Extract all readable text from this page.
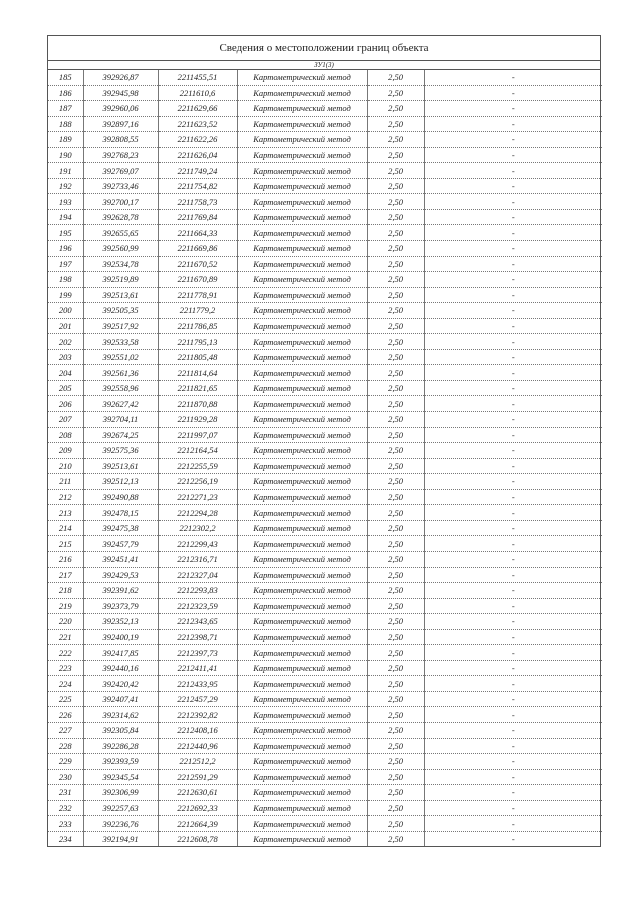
Сведения о местоположении границ объекта
ЗУ1(3)
185	392926,87	2211455,51	Картометрический метод	2,50	-
186	392945,98	2211610,6	Картометрический метод	2,50	-
187	392960,06	2211629,66	Картометрический метод	2,50	-
188	392897,16	2211623,52	Картометрический метод	2,50	-
189	392808,55	2211622,26	Картометрический метод	2,50	-
190	392768,23	2211626,04	Картометрический метод	2,50	-
191	392769,07	2211749,24	Картометрический метод	2,50	-
192	392733,46	2211754,82	Картометрический метод	2,50	-
193	392700,17	2211758,73	Картометрический метод	2,50	-
194	392628,78	2211769,84	Картометрический метод	2,50	-
195	392655,65	2211664,33	Картометрический метод	2,50	-
196	392560,99	2211669,86	Картометрический метод	2,50	-
197	392534,78	2211670,52	Картометрический метод	2,50	-
198	392519,89	2211670,89	Картометрический метод	2,50	-
199	392513,61	2211778,91	Картометрический метод	2,50	-
200	392505,35	2211779,2	Картометрический метод	2,50	-
201	392517,92	2211786,85	Картометрический метод	2,50	-
202	392533,58	2211795,13	Картометрический метод	2,50	-
203	392551,02	2211805,48	Картометрический метод	2,50	-
204	392561,36	2211814,64	Картометрический метод	2,50	-
205	392558,96	2211821,65	Картометрический метод	2,50	-
206	392627,42	2211870,88	Картометрический метод	2,50	-
207	392704,11	2211929,28	Картометрический метод	2,50	-
208	392674,25	2211997,07	Картометрический метод	2,50	-
209	392575,36	2212164,54	Картометрический метод	2,50	-
210	392513,61	2212255,59	Картометрический метод	2,50	-
211	392512,13	2212256,19	Картометрический метод	2,50	-
212	392490,88	2212271,23	Картометрический метод	2,50	-
213	392478,15	2212294,28	Картометрический метод	2,50	-
214	392475,38	2212302,2	Картометрический метод	2,50	-
215	392457,79	2212299,43	Картометрический метод	2,50	-
216	392451,41	2212316,71	Картометрический метод	2,50	-
217	392429,53	2212327,04	Картометрический метод	2,50	-
218	392391,62	2212293,83	Картометрический метод	2,50	-
219	392373,79	2212323,59	Картометрический метод	2,50	-
220	392352,13	2212343,65	Картометрический метод	2,50	-
221	392400,19	2212398,71	Картометрический метод	2,50	-
222	392417,85	2212397,73	Картометрический метод	2,50	-
223	392440,16	2212411,41	Картометрический метод	2,50	-
224	392420,42	2212433,95	Картометрический метод	2,50	-
225	392407,41	2212457,29	Картометрический метод	2,50	-
226	392314,62	2212392,82	Картометрический метод	2,50	-
227	392305,84	2212408,16	Картометрический метод	2,50	-
228	392286,28	2212440,96	Картометрический метод	2,50	-
229	392393,59	2212512,2	Картометрический метод	2,50	-
230	392345,54	2212591,29	Картометрический метод	2,50	-
231	392306,99	2212630,61	Картометрический метод	2,50	-
232	392257,63	2212692,33	Картометрический метод	2,50	-
233	392236,76	2212664,39	Картометрический метод	2,50	-
234	392194,91	2212608,78	Картометрический метод	2,50	-
